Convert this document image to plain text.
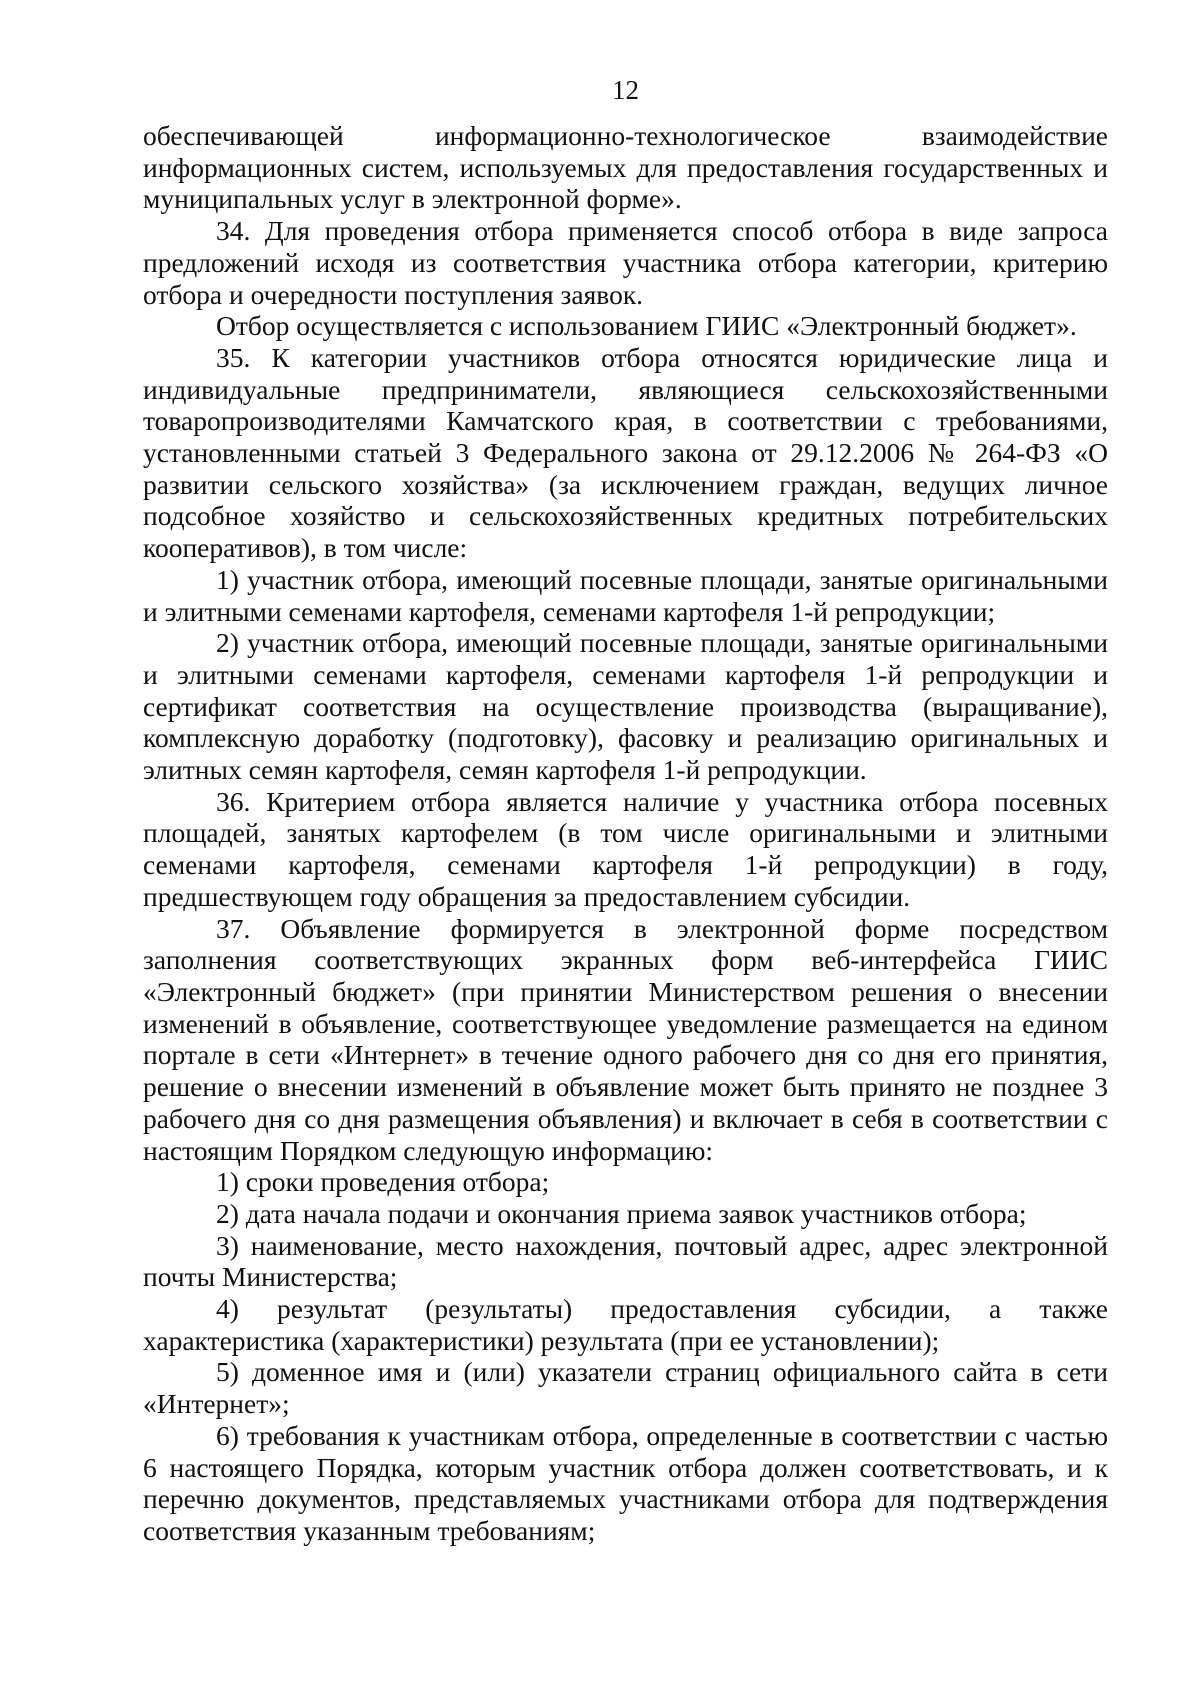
12

обеспечивающей информационно-технологическое взаимодействие информационных систем, используемых для предоставления государственных и муниципальных услуг в электронной форме».

34. Для проведения отбора применяется способ отбора в виде запроса предложений исходя из соответствия участника отбора категории, критерию отбора и очередности поступления заявок.

Отбор осуществляется с использованием ГИИС «Электронный бюджет».

35. К категории участников отбора относятся юридические лица и индивидуальные предприниматели, являющиеся сельскохозяйственными товаропроизводителями Камчатского края, в соответствии с требованиями, установленными статьей 3 Федерального закона от 29.12.2006 № 264-ФЗ «О развитии сельского хозяйства» (за исключением граждан, ведущих личное подсобное хозяйство и сельскохозяйственных кредитных потребительских кооперативов), в том числе:

1) участник отбора, имеющий посевные площади, занятые оригинальными и элитными семенами картофеля, семенами картофеля 1-й репродукции;

2) участник отбора, имеющий посевные площади, занятые оригинальными и элитными семенами картофеля, семенами картофеля 1-й репродукции и сертификат соответствия на осуществление производства (выращивание), комплексную доработку (подготовку), фасовку и реализацию оригинальных и элитных семян картофеля, семян картофеля 1-й репродукции.

36. Критерием отбора является наличие у участника отбора посевных площадей, занятых картофелем (в том числе оригинальными и элитными семенами картофеля, семенами картофеля 1-й репродукции) в году, предшествующем году обращения за предоставлением субсидии.

37. Объявление формируется в электронной форме посредством заполнения соответствующих экранных форм веб-интерфейса ГИИС «Электронный бюджет» (при принятии Министерством решения о внесении изменений в объявление, соответствующее уведомление размещается на едином портале в сети «Интернет» в течение одного рабочего дня со дня его принятия, решение о внесении изменений в объявление может быть принято не позднее 3 рабочего дня со дня размещения объявления) и включает в себя в соответствии с настоящим Порядком следующую информацию:

1) сроки проведения отбора;

2) дата начала подачи и окончания приема заявок участников отбора;

3) наименование, место нахождения, почтовый адрес, адрес электронной почты Министерства;

4) результат (результаты) предоставления субсидии, а также характеристика (характеристики) результата (при ее установлении);

5) доменное имя и (или) указатели страниц официального сайта в сети «Интернет»;

6) требования к участникам отбора, определенные в соответствии с частью 6 настоящего Порядка, которым участник отбора должен соответствовать, и к перечню документов, представляемых участниками отбора для подтверждения соответствия указанным требованиям;
